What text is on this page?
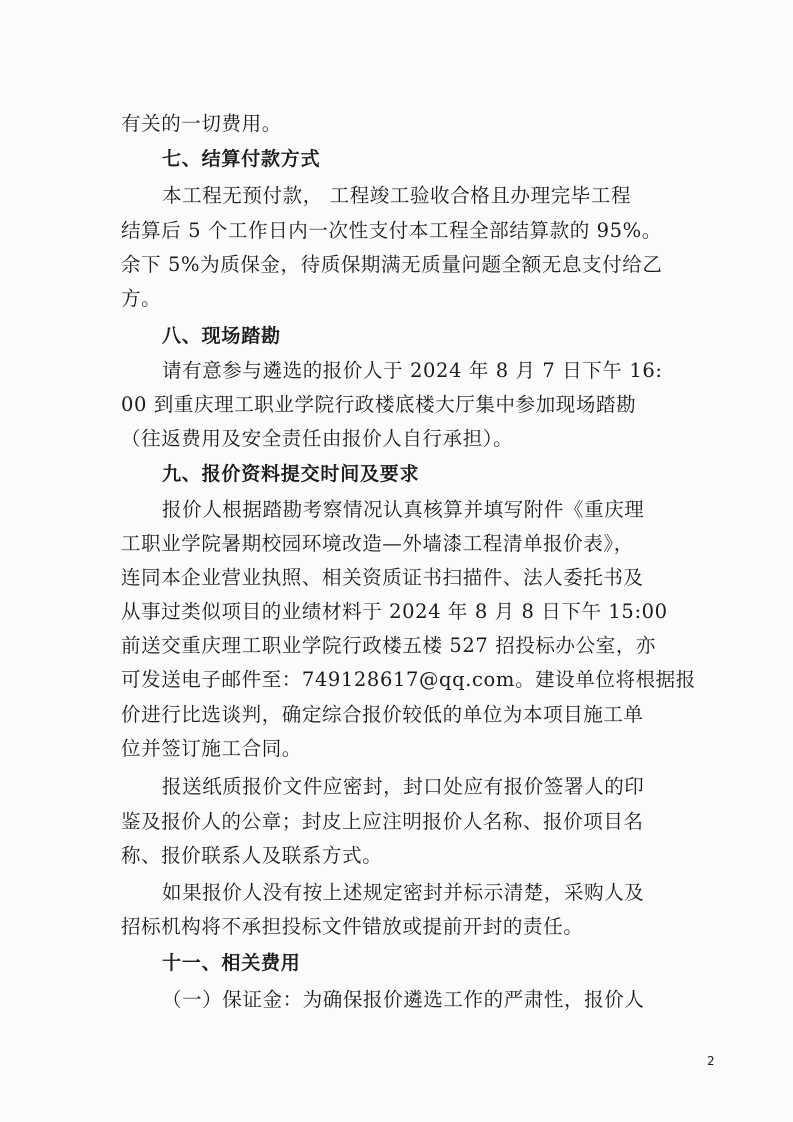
有关的一切费用。
七、结算付款方式
本工程无预付款， 工程竣工验收合格且办理完毕工程
结算后 5 个工作日内一次性支付本工程全部结算款的 95%。
余下 5%为质保金，待质保期满无质量问题全额无息支付给乙
方。
八、现场踏勘
请有意参与遴选的报价人于 2024 年 8 月 7 日下午 16:
00 到重庆理工职业学院行政楼底楼大厅集中参加现场踏勘
（往返费用及安全责任由报价人自行承担）。
九、报价资料提交时间及要求
报价人根据踏勘考察情况认真核算并填写附件《重庆理
工职业学院暑期校园环境改造—外墙漆工程清单报价表》，
连同本企业营业执照、相关资质证书扫描件、法人委托书及
从事过类似项目的业绩材料于 2024 年 8 月 8 日下午 15:00
前送交重庆理工职业学院行政楼五楼 527 招投标办公室，亦
可发送电子邮件至：749128617@qq.com。建设单位将根据报
价进行比选谈判，确定综合报价较低的单位为本项目施工单
位并签订施工合同。
报送纸质报价文件应密封，封口处应有报价签署人的印
鉴及报价人的公章；封皮上应注明报价人名称、报价项目名
称、报价联系人及联系方式。
如果报价人没有按上述规定密封并标示清楚，采购人及
招标机构将不承担投标文件错放或提前开封的责任。
十一、相关费用
（一）保证金：为确保报价遴选工作的严肃性，报价人
2
